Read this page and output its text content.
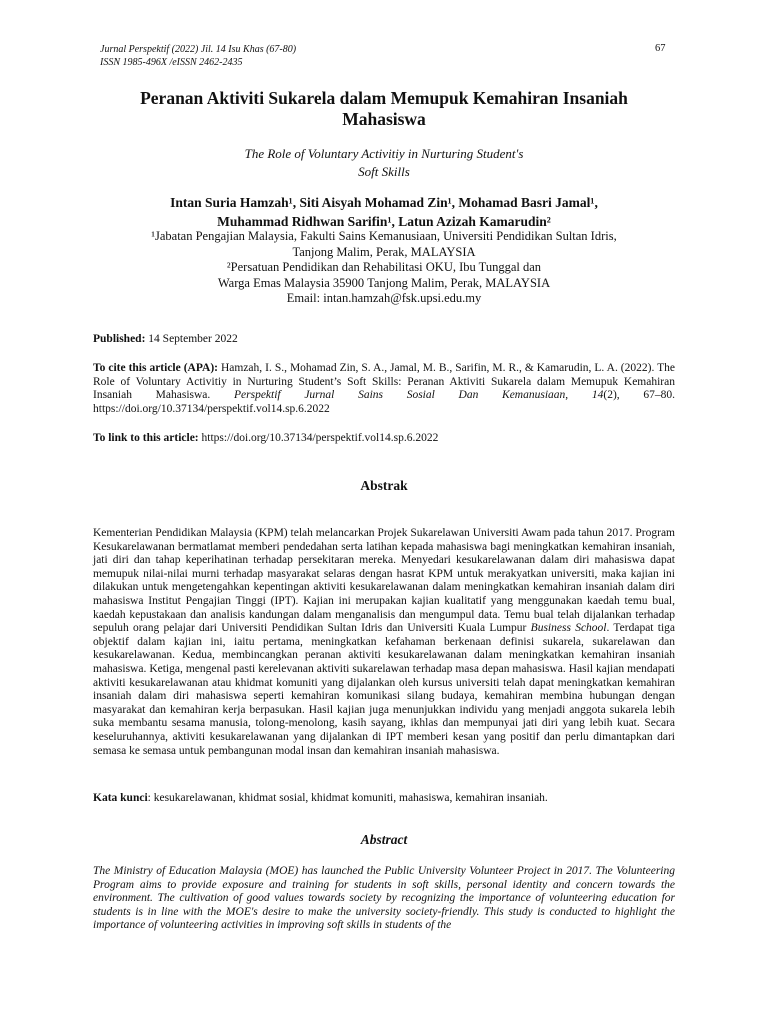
Jurnal Perspektif (2022) Jil. 14 Isu Khas (67-80)
ISSN 1985-496X /eISSN 2462-2435
67
Peranan Aktiviti Sukarela dalam Memupuk Kemahiran Insaniah Mahasiswa
The Role of Voluntary Activitiy in Nurturing Student's
Soft Skills
Intan Suria Hamzah¹, Siti Aisyah Mohamad Zin¹, Mohamad Basri Jamal¹,
Muhammad Ridhwan Sarifin¹, Latun Azizah Kamarudin²
¹Jabatan Pengajian Malaysia, Fakulti Sains Kemanusiaan, Universiti Pendidikan Sultan Idris,
Tanjong Malim, Perak, MALAYSIA
²Persatuan Pendidikan dan Rehabilitasi OKU, Ibu Tunggal dan
Warga Emas Malaysia 35900 Tanjong Malim, Perak, MALAYSIA
Email: intan.hamzah@fsk.upsi.edu.my
Published: 14 September 2022
To cite this article (APA): Hamzah, I. S., Mohamad Zin, S. A., Jamal, M. B., Sarifin, M. R., & Kamarudin, L. A. (2022). The Role of Voluntary Activitiy in Nurturing Student’s Soft Skills: Peranan Aktiviti Sukarela dalam Memupuk Kemahiran Insaniah Mahasiswa. Perspektif Jurnal Sains Sosial Dan Kemanusiaan, 14(2), 67–80. https://doi.org/10.37134/perspektif.vol14.sp.6.2022
To link to this article: https://doi.org/10.37134/perspektif.vol14.sp.6.2022
Abstrak
Kementerian Pendidikan Malaysia (KPM) telah melancarkan Projek Sukarelawan Universiti Awam pada tahun 2017. Program Kesukarelawanan bermatlamat memberi pendedahan serta latihan kepada mahasiswa bagi meningkatkan kemahiran insaniah, jati diri dan tahap keperihatinan terhadap persekitaran mereka. Menyedari kesukarelawanan dalam diri mahasiswa dapat memupuk nilai-nilai murni terhadap masyarakat selaras dengan hasrat KPM untuk merakyatkan universiti, maka kajian ini dilakukan untuk mengetengahkan kepentingan aktiviti kesukarelawanan dalam meningkatkan kemahiran insaniah dalam diri mahasiswa Institut Pengajian Tinggi (IPT). Kajian ini merupakan kajian kualitatif yang menggunakan kaedah temu bual, kaedah kepustakaan dan analisis kandungan dalam menganalisis dan mengumpul data. Temu bual telah dijalankan terhadap sepuluh orang pelajar dari Universiti Pendidikan Sultan Idris dan Universiti Kuala Lumpur Business School. Terdapat tiga objektif dalam kajian ini, iaitu pertama, meningkatkan kefahaman berkenaan definisi sukarela, sukarelawan dan kesukarelawanan. Kedua, membincangkan peranan aktiviti kesukarelawanan dalam meningkatkan kemahiran insaniah mahasiswa. Ketiga, mengenal pasti kerelevanan aktiviti sukarelawan terhadap masa depan mahasiswa. Hasil kajian mendapati aktiviti kesukarelawanan atau khidmat komuniti yang dijalankan oleh kursus universiti telah dapat meningkatkan kemahiran insaniah dalam diri mahasiswa seperti kemahiran komunikasi silang budaya, kemahiran membina hubungan dengan masyarakat dan kemahiran kerja berpasukan. Hasil kajian juga menunjukkan individu yang menjadi anggota sukarela lebih suka membantu sesama manusia, tolong-menolong, kasih sayang, ikhlas dan mempunyai jati diri yang lebih kuat. Secara keseluruhannya, aktiviti kesukarelawanan yang dijalankan di IPT memberi kesan yang positif dan perlu dimantapkan dari semasa ke semasa untuk pembangunan modal insan dan kemahiran insaniah mahasiswa.
Kata kunci: kesukarelawanan, khidmat sosial, khidmat komuniti, mahasiswa, kemahiran insaniah.
Abstract
The Ministry of Education Malaysia (MOE) has launched the Public University Volunteer Project in 2017. The Volunteering Program aims to provide exposure and training for students in soft skills, personal identity and concern towards the environment. The cultivation of good values towards society by recognizing the importance of volunteering education for students is in line with the MOE's desire to make the university society-friendly. This study is conducted to highlight the importance of volunteering activities in improving soft skills in students of the
